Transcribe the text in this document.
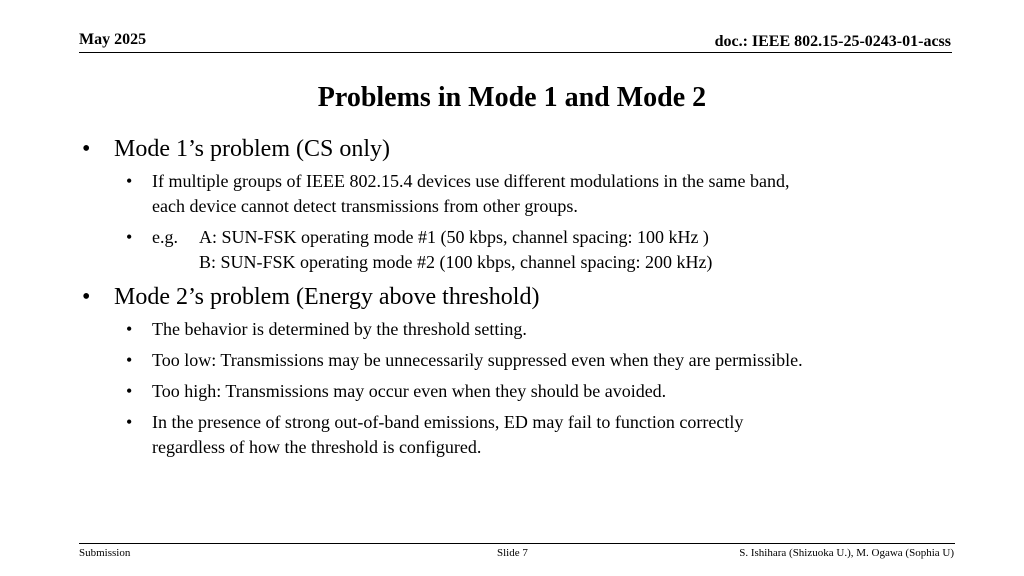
May 2025	doc.: IEEE 802.15-25-0243-01-acss
Problems in Mode 1 and Mode 2
• Mode 1’s problem (CS only)
• If multiple groups of IEEE 802.15.4 devices use different modulations in the same band,
each device cannot detect transmissions from other groups.
• e.g.	A: SUN-FSK operating mode #1 (50 kbps, channel spacing: 100 kHz )
B: SUN-FSK operating mode #2 (100 kbps, channel spacing: 200 kHz)
• Mode 2’s problem (Energy above threshold)
• The behavior is determined by the threshold setting.
• Too low: Transmissions may be unnecessarily suppressed even when they are permissible.
• Too high: Transmissions may occur even when they should be avoided.
• In the presence of strong out-of-band emissions, ED may fail to function correctly
regardless of how the threshold is configured.
Submission	Slide 7	S. Ishihara (Shizuoka U.), M. Ogawa (Sophia U)
